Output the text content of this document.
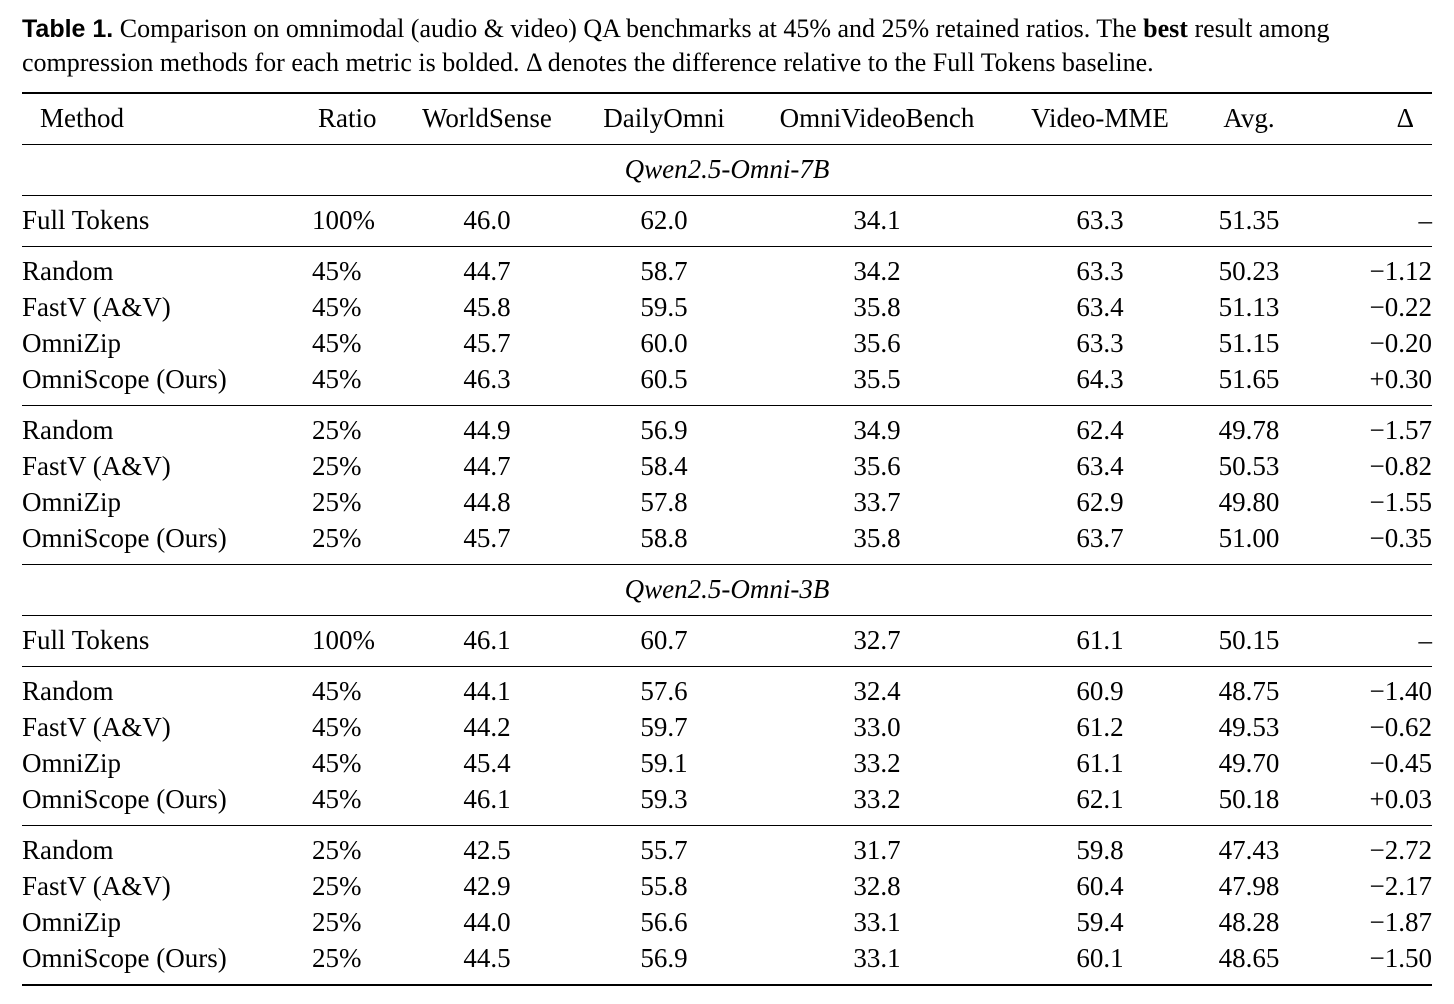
Table 1. Comparison on omnimodal (audio & video) QA benchmarks at 45% and 25% retained ratios. The best result among compression methods for each metric is bolded. Δ denotes the difference relative to the Full Tokens baseline.
Method	Ratio	WorldSense	DailyOmni	OmniVideoBench	Video-MME	Avg.	Δ
Qwen2.5-Omni-7B							
Full Tokens	100%	46.0	62.0	34.1	63.3	51.35	–
Random	45%	44.7	58.7	34.2	63.3	50.23	−1.12
FastV (A&V)	45%	45.8	59.5	35.8	63.4	51.13	−0.22
OmniZip	45%	45.7	60.0	35.6	63.3	51.15	−0.20
OmniScope (Ours)	45%	46.3	60.5	35.5	64.3	51.65	+0.30
Random	25%	44.9	56.9	34.9	62.4	49.78	−1.57
FastV (A&V)	25%	44.7	58.4	35.6	63.4	50.53	−0.82
OmniZip	25%	44.8	57.8	33.7	62.9	49.80	−1.55
OmniScope (Ours)	25%	45.7	58.8	35.8	63.7	51.00	−0.35
Qwen2.5-Omni-3B							
Full Tokens	100%	46.1	60.7	32.7	61.1	50.15	–
Random	45%	44.1	57.6	32.4	60.9	48.75	−1.40
FastV (A&V)	45%	44.2	59.7	33.0	61.2	49.53	−0.62
OmniZip	45%	45.4	59.1	33.2	61.1	49.70	−0.45
OmniScope (Ours)	45%	46.1	59.3	33.2	62.1	50.18	+0.03
Random	25%	42.5	55.7	31.7	59.8	47.43	−2.72
FastV (A&V)	25%	42.9	55.8	32.8	60.4	47.98	−2.17
OmniZip	25%	44.0	56.6	33.1	59.4	48.28	−1.87
OmniScope (Ours)	25%	44.5	56.9	33.1	60.1	48.65	−1.50
